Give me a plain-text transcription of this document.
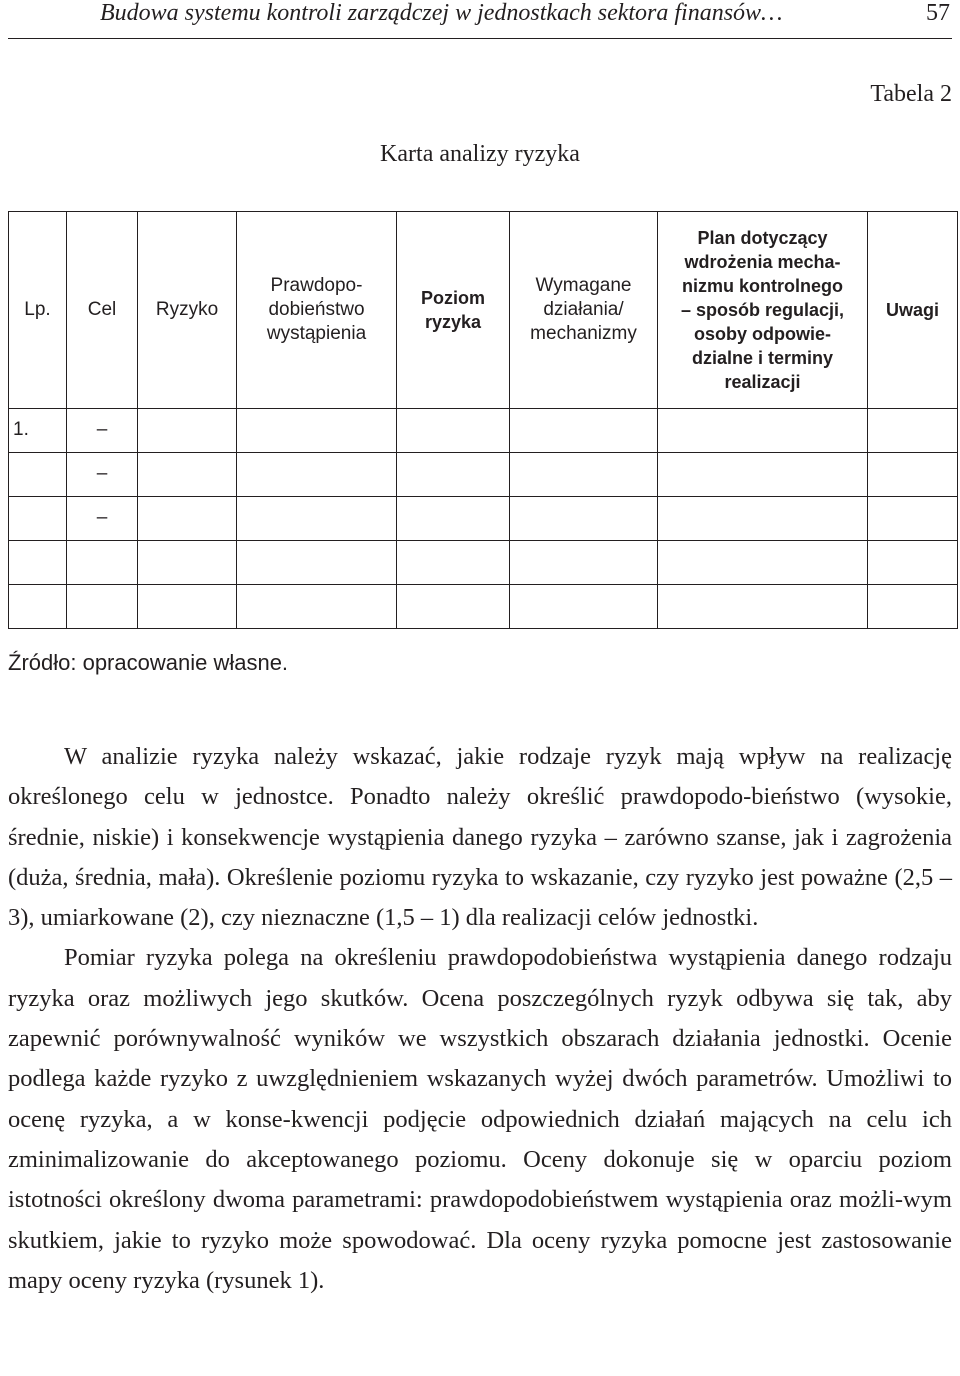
Budowa systemu kontroli zarządczej w jednostkach sektora finansów…	57
Tabela 2
Karta analizy ryzyka
Lp.	Cel	Ryzyko	Prawdopo-dobieństwo wystąpienia	Poziom ryzyka	Wymagane działania/ mechanizmy	Plan dotyczący wdrożenia mecha-nizmu kontrolnego – sposób regulacji, osoby odpowie-dzialne i terminy realizacji	Uwagi

1.	–						

	–						

	–						

Źródło: opracowanie własne.

W analizie ryzyka należy wskazać, jakie rodzaje ryzyk mają wpływ na realizację określonego celu w jednostce. Ponadto należy określić prawdopodo-bieństwo (wysokie, średnie, niskie) i konsekwencje wystąpienia danego ryzyka – zarówno szanse, jak i zagrożenia (duża, średnia, mała). Określenie poziomu ryzyka to wskazanie, czy ryzyko jest poważne (2,5 – 3), umiarkowane (2), czy nieznaczne (1,5 – 1) dla realizacji celów jednostki.

Pomiar ryzyka polega na określeniu prawdopodobieństwa wystąpienia danego rodzaju ryzyka oraz możliwych jego skutków. Ocena poszczególnych ryzyk odbywa się tak, aby zapewnić porównywalność wyników we wszystkich obszarach działania jednostki. Ocenie podlega każde ryzyko z uwzględnieniem wskazanych wyżej dwóch parametrów. Umożliwi to ocenę ryzyka, a w konse-kwencji podjęcie odpowiednich działań mających na celu ich zminimalizowanie do akceptowanego poziomu. Oceny dokonuje się w oparciu poziom istotności określony dwoma parametrami: prawdopodobieństwem wystąpienia oraz możli-wym skutkiem, jakie to ryzyko może spowodować. Dla oceny ryzyka pomocne jest zastosowanie mapy oceny ryzyka (rysunek 1).
